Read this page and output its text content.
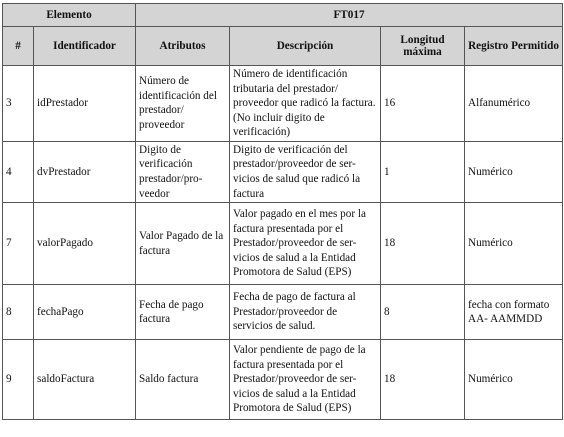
Elemento		FT017			
#	Identificador	Atributos	Descripción	Longitud máxima	Registro Permitido
3	idPrestador	Número de identificación del prestador/ proveedor	Número de identificación tributaria del prestador/ proveedor que radicó la factura. (No incluir digito de verificación)	16	Alfanumérico
4	dvPrestador	Digito de verificación prestador/pro- veedor	Digito de verificación del prestador/proveedor de ser- vicios de salud que radicó la factura	1	Numérico
7	valorPagado	Valor Pagado de la factura	Valor pagado en el mes por la factura presentada por el Prestador/proveedor de ser- vicios de salud a la Entidad Promotora de Salud (EPS)	18	Numérico
8	fechaPago	Fecha de pago factura	Fecha de pago de factura al Prestador/proveedor de servicios de salud.	8	fecha con formato AA- AAMMDD
9	saldoFactura	Saldo factura	Valor pendiente de pago de la factura presentada por el Prestador/proveedor de ser- vicios de salud a la Entidad Promotora de Salud (EPS)	18	Numérico
